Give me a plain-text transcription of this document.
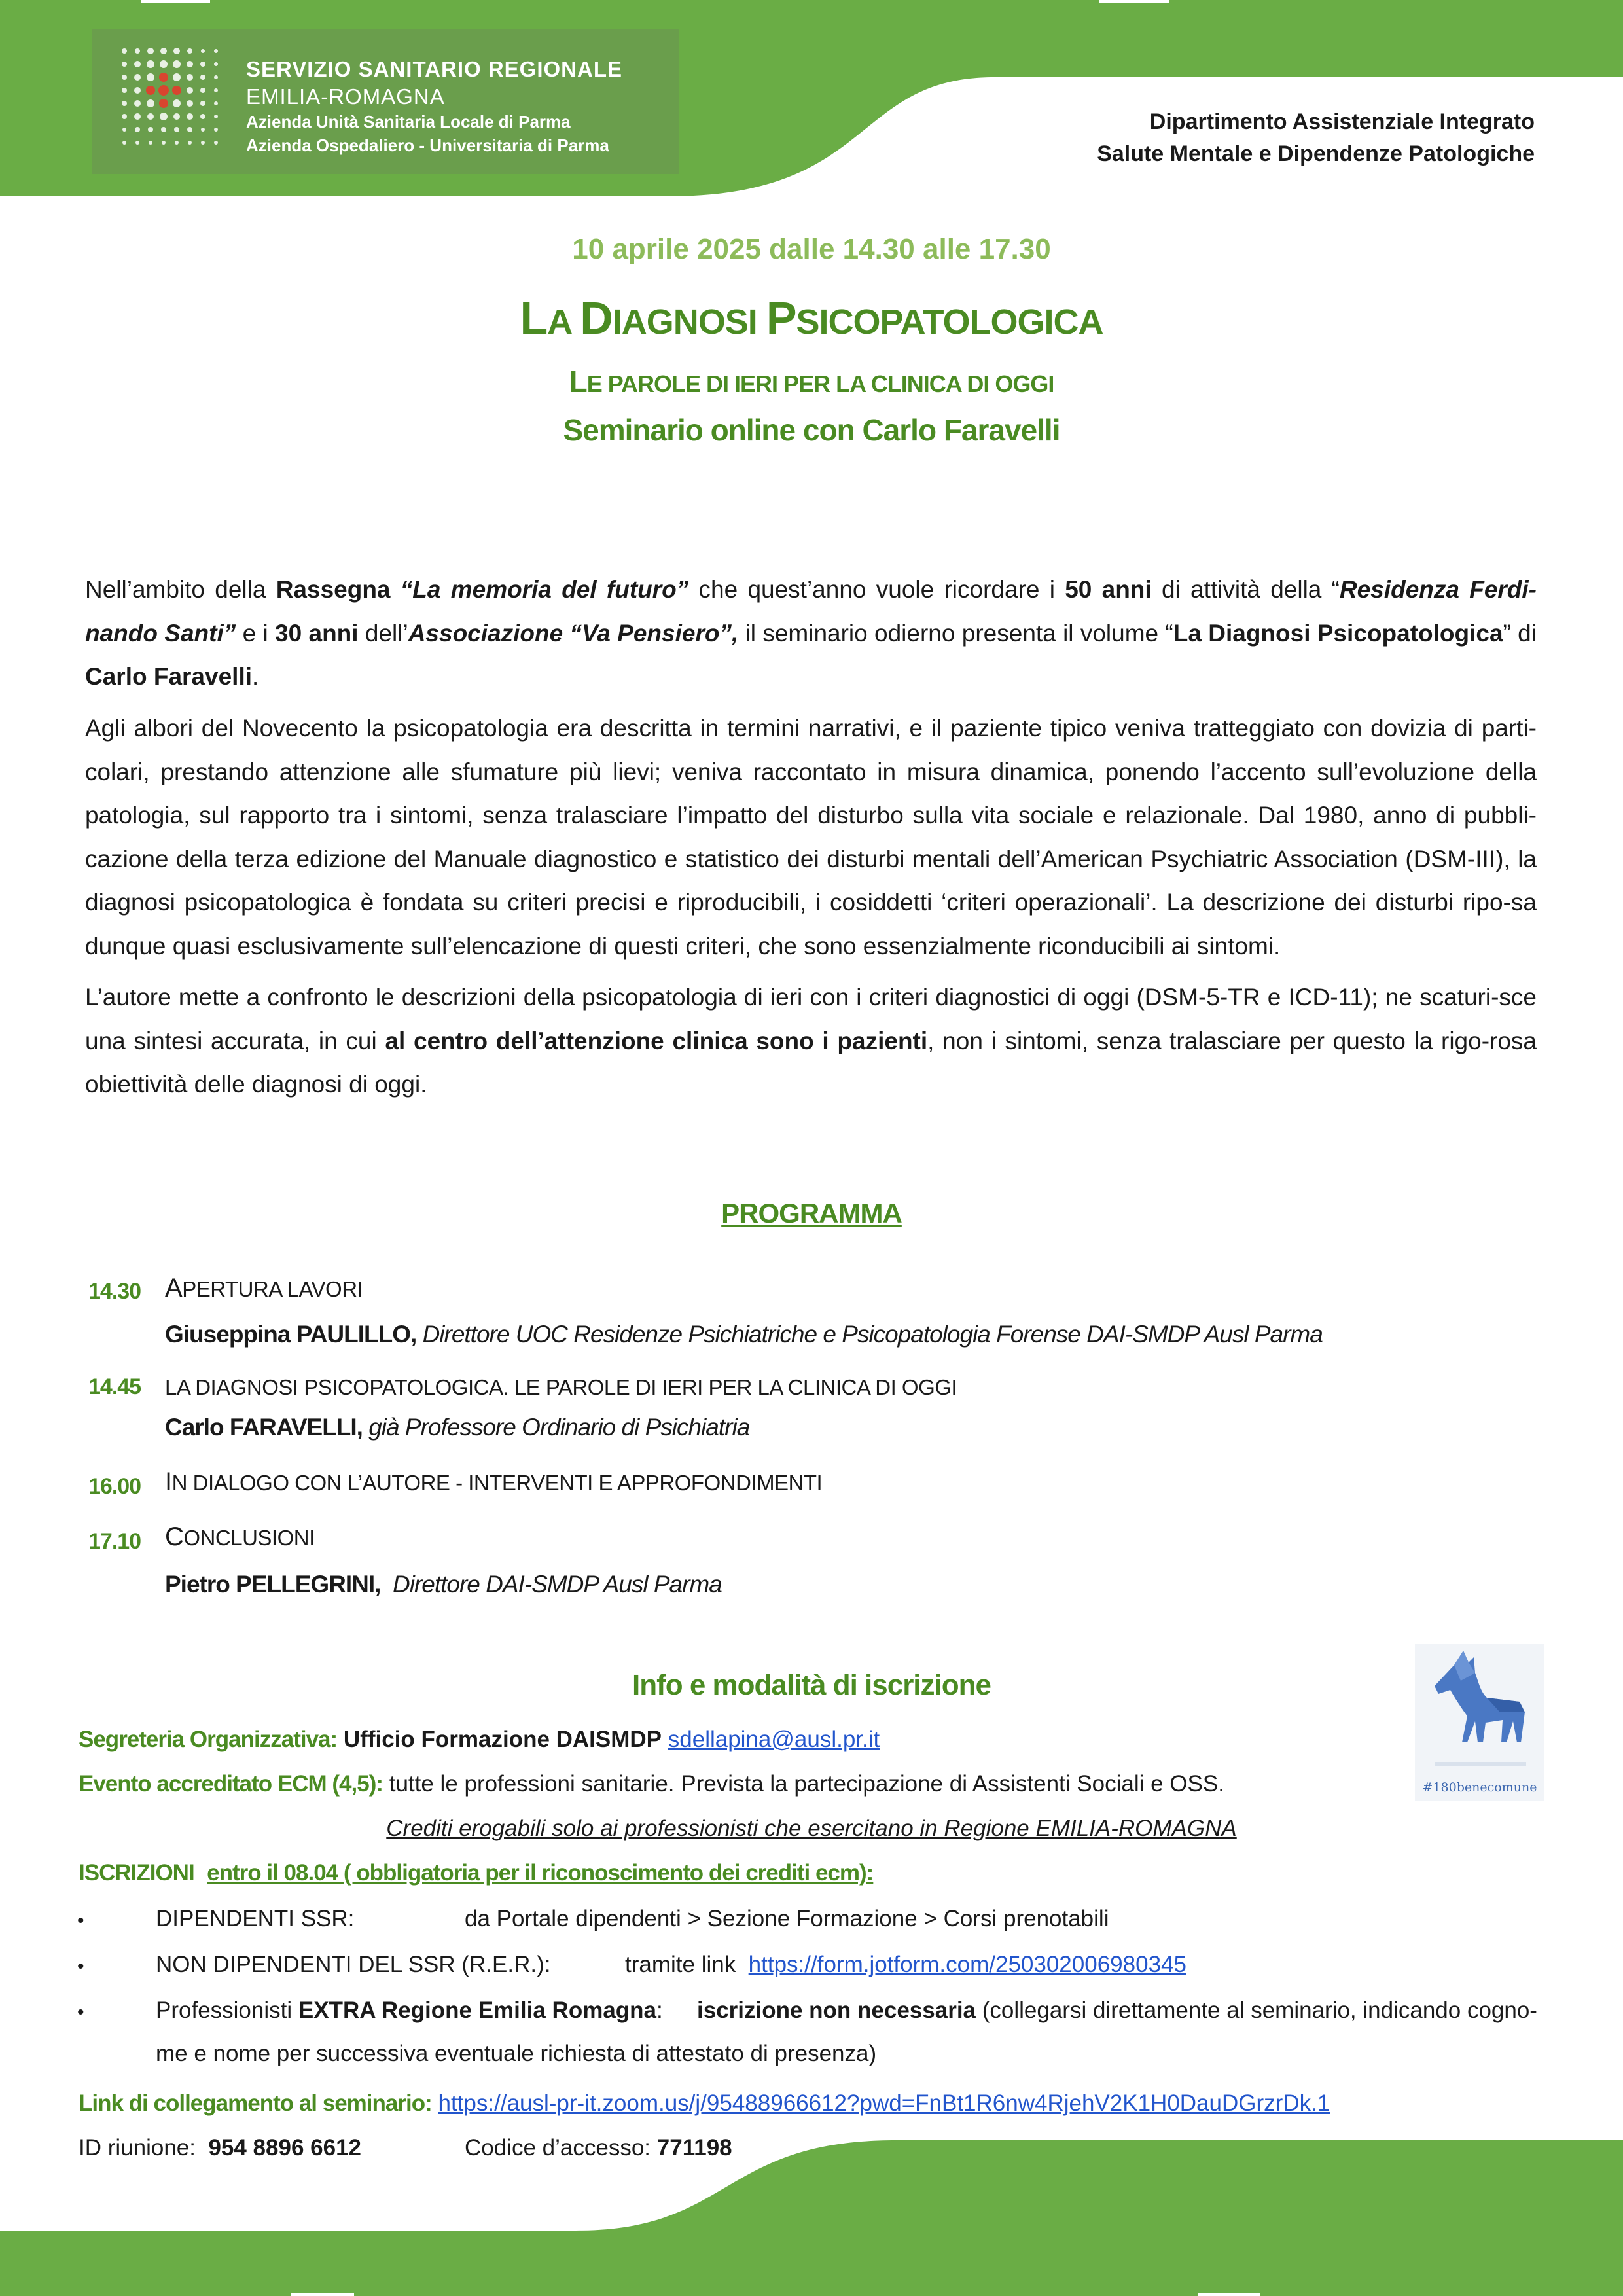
SERVIZIO SANITARIO REGIONALE
EMILIA-ROMAGNA
Azienda Unità Sanitaria Locale di Parma
Azienda Ospedaliero - Universitaria di Parma
Dipartimento Assistenziale Integrato
Salute Mentale e Dipendenze Patologiche
10 aprile 2025 dalle 14.30 alle 17.30
LA DIAGNOSI PSICOPATOLOGICA
LE PAROLE DI IERI PER LA CLINICA DI OGGI
Seminario online con Carlo Faravelli
Nell’ambito della Rassegna “La memoria del futuro” che quest’anno vuole ricordare i 50 anni di attività della “Residenza Ferdi-nando Santi” e i 30 anni dell’Associazione “Va Pensiero”, il seminario odierno presenta il volume “La Diagnosi Psicopatologica” di Carlo Faravelli.
Agli albori del Novecento la psicopatologia era descritta in termini narrativi, e il paziente tipico veniva tratteggiato con dovizia di parti-colari, prestando attenzione alle sfumature più lievi; veniva raccontato in misura dinamica, ponendo l’accento sull’evoluzione della patologia, sul rapporto tra i sintomi, senza tralasciare l’impatto del disturbo sulla vita sociale e relazionale. Dal 1980, anno di pubbli-cazione della terza edizione del Manuale diagnostico e statistico dei disturbi mentali dell’American Psychiatric Association (DSM-III), la diagnosi psicopatologica è fondata su criteri precisi e riproducibili, i cosiddetti ‘criteri operazionali’. La descrizione dei disturbi ripo-sa dunque quasi esclusivamente sull’elencazione di questi criteri, che sono essenzialmente riconducibili ai sintomi.
L’autore mette a confronto le descrizioni della psicopatologia di ieri con i criteri diagnostici di oggi (DSM-5-TR e ICD-11); ne scaturi-sce una sintesi accurata, in cui al centro dell’attenzione clinica sono i pazienti, non i sintomi, senza tralasciare per questo la rigo-rosa obiettività delle diagnosi di oggi.
PROGRAMMA
14.30 APERTURA LAVORI
Giuseppina PAULILLO, Direttore UOC Residenze Psichiatriche e Psicopatologia Forense DAI-SMDP Ausl Parma
14.45 LA DIAGNOSI PSICOPATOLOGICA. LE PAROLE DI IERI PER LA CLINICA DI OGGI
Carlo FARAVELLI, già Professore Ordinario di Psichiatria
16.00 IN DIALOGO CON L’AUTORE - INTERVENTI E APPROFONDIMENTI
17.10 CONCLUSIONI
Pietro PELLEGRINI, Direttore DAI-SMDP Ausl Parma
Info e modalità di iscrizione
#180benecomune
Segreteria Organizzativa: Ufficio Formazione DAISMDP sdellapina@ausl.pr.it
Evento accreditato ECM (4,5): tutte le professioni sanitarie. Prevista la partecipazione di Assistenti Sociali e OSS.
Crediti erogabili solo ai professionisti che esercitano in Regione EMILIA-ROMAGNA
ISCRIZIONI entro il 08.04 ( obbligatoria per il riconoscimento dei crediti ecm):
•	DIPENDENTI SSR:	da Portale dipendenti > Sezione Formazione > Corsi prenotabili
•	NON DIPENDENTI DEL SSR (R.E.R.):	tramite link https://form.jotform.com/250302006980345
•	Professionisti EXTRA Regione Emilia Romagna: iscrizione non necessaria (collegarsi direttamente al seminario, indicando cogno-
me e nome per successiva eventuale richiesta di attestato di presenza)
Link di collegamento al seminario: https://ausl-pr-it.zoom.us/j/95488966612?pwd=FnBt1R6nw4RjehV2K1H0DauDGrzrDk.1
ID riunione: 954 8896 6612	Codice d’accesso: 771198
